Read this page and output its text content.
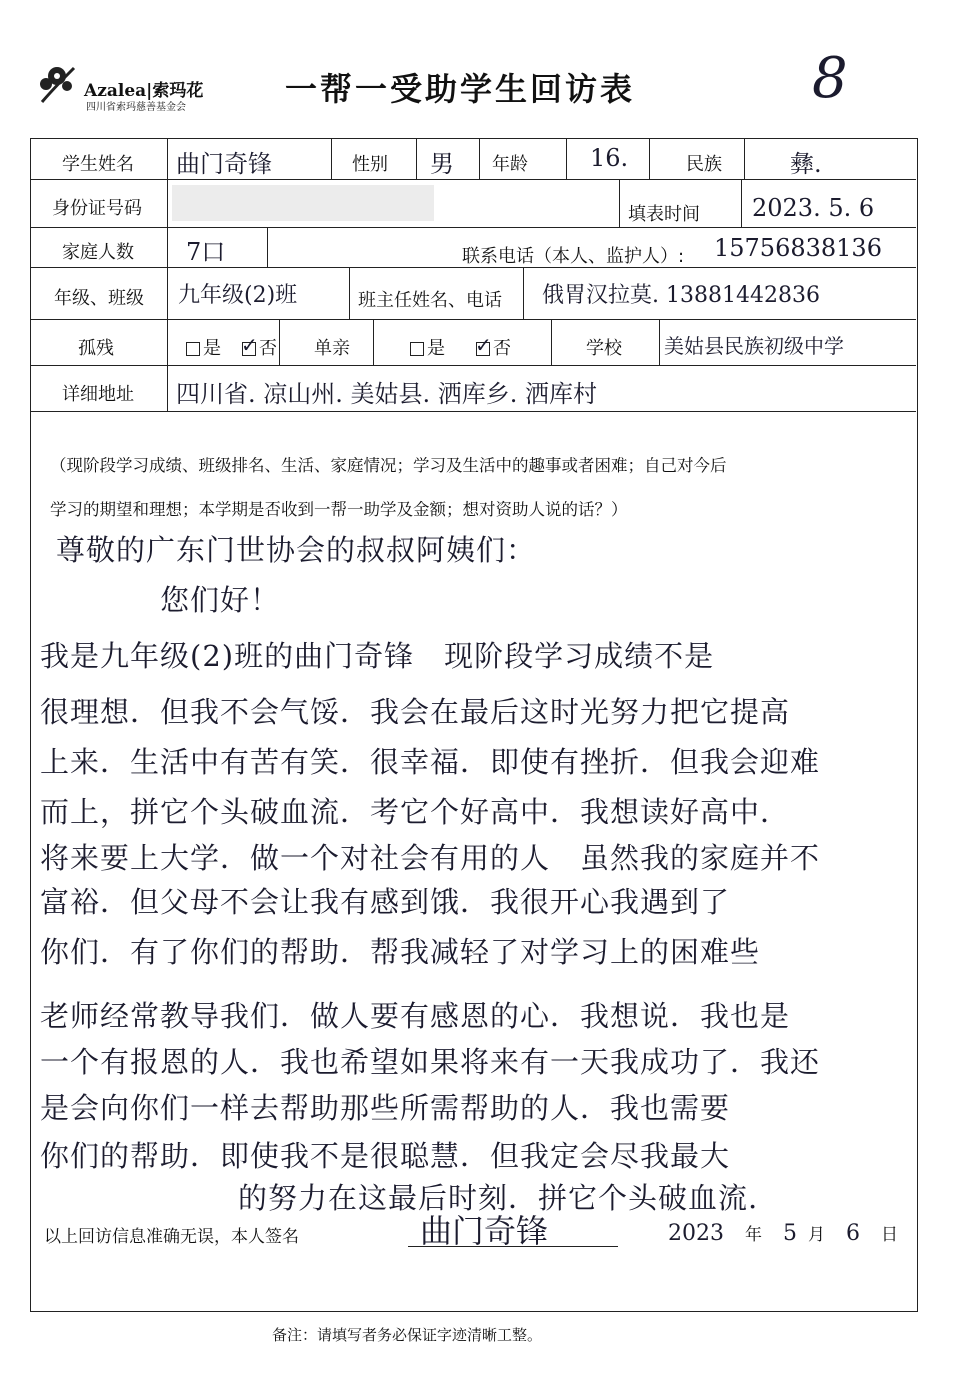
Azalea|索玛花
四川省索玛慈善基金会	一帮一受助学生回访表	8
学生姓名 曲门奇锋	性别 男 年龄	16.	民族	彝.
身份证号码	填表时间 2023. 5. 6
家庭人数 7口	联系电话（本人、监护人）: 15756838136
年级、班级 九年级(2)班	班主任姓名、电话 俄胃汉拉莫. 13881442836
孤残	是 ✓	否 单亲	是 ✓	否	学校 美姑县民族初级中学
详细地址 四川省. 凉山州. 美姑县. 洒库乡. 洒库村
（现阶段学习成绩、班级排名、生活、家庭情况；学习及生活中的趣事或者困难；自己对今后
学习的期望和理想；本学期是否收到一帮一助学及金额；想对资助人说的话？）
尊敬的广东门世协会的叔叔阿姨们：
您们好！
我是九年级(2)班的曲门奇锋　现阶段学习成绩不是
很理想．但我不会气馁．我会在最后这时光努力把它提高
上来．生活中有苦有笑．很幸福．即使有挫折．但我会迎难
而上，拼它个头破血流．考它个好高中．我想读好高中．
将来要上大学．做一个对社会有用的人　虽然我的家庭并不
富裕．但父母不会让我有感到饿．我很开心我遇到了
你们．有了你们的帮助．帮我减轻了对学习上的困难些
老师经常教导我们．做人要有感恩的心．我想说．我也是
一个有报恩的人．我也希望如果将来有一天我成功了．我还
是会向你们一样去帮助那些所需帮助的人．我也需要
你们的帮助．即使我不是很聪慧．但我定会尽我最大
的努力在这最后时刻．拼它个头破血流.
以上回访信息准确无误，本人签名	曲门奇锋	2023 年 5 月 6 日
备注：请填写者务必保证字迹清晰工整。
